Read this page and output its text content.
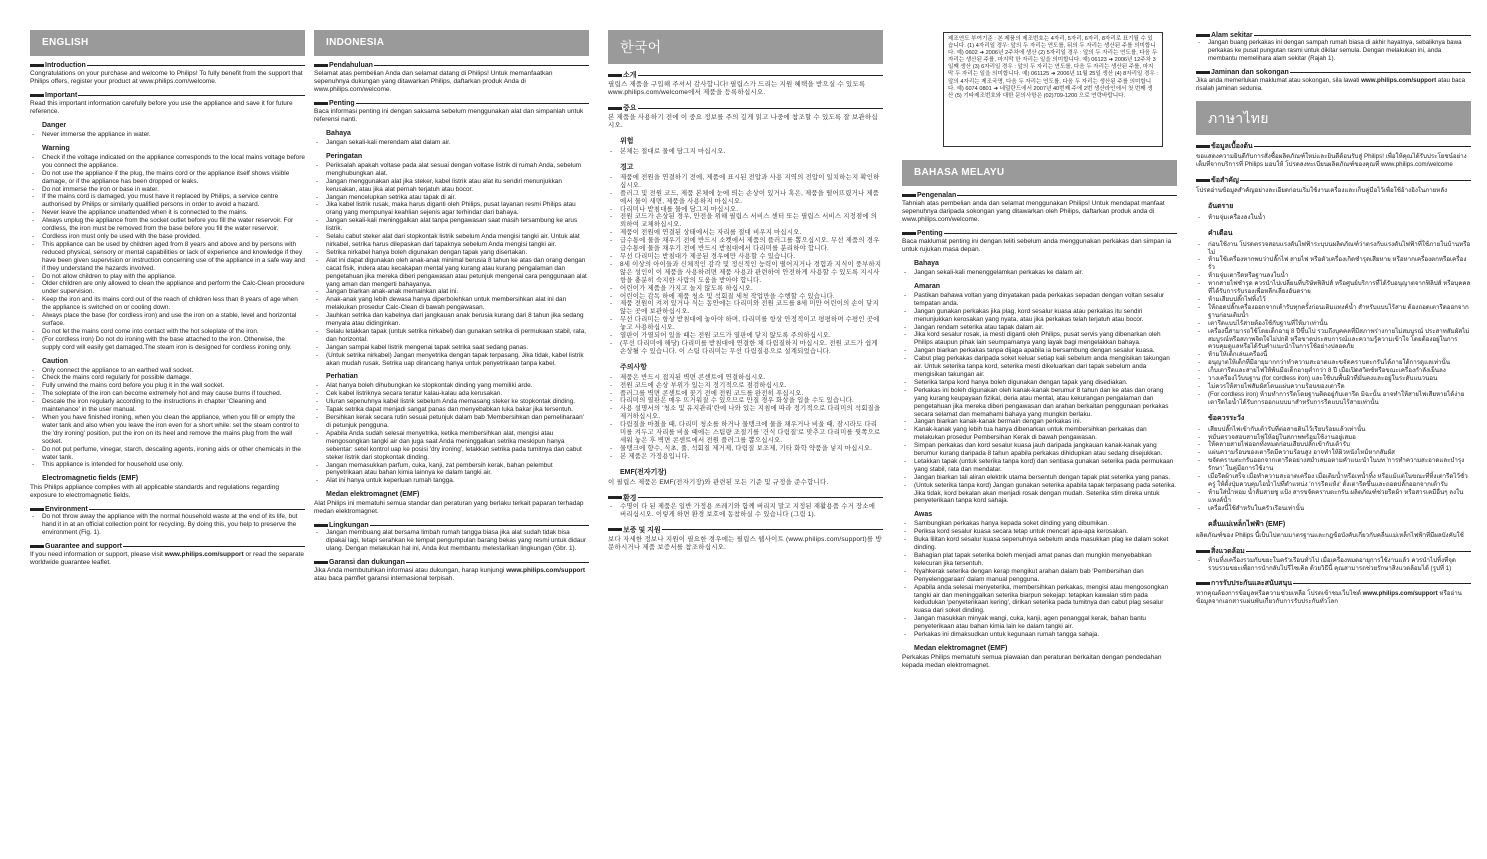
ENGLISH
Introduction

Congratulations on your purchase and welcome to Philips! To fully benefit from the support that Philips offers, register your product at www.philips.com/welcome.

Important

Read this important information carefully before you use the appliance and save it for future reference.

Danger
- Never immerse the appliance in water.
Warning
- Check if the voltage indicated on the appliance corresponds to the local mains voltage before you connect the appliance.
- Do not use the appliance if the plug, the mains cord or the appliance itself shows visible damage, or if the appliance has been dropped or leaks.
- Do not immerse the iron or base in water.
- If the mains cord is damaged, you must have it replaced by Philips, a service centre authorised by Philips or similarly qualified persons in order to avoid a hazard.
- Never leave the appliance unattended when it is connected to the mains.
- Always unplug the appliance from the socket outlet before you fill the water reservoir. For cordless, the iron must be removed from the base before you fill the water reservoir.
- Cordless iron must only be used with the base provided.
- This appliance can be used by children aged from 8 years and above and by persons with reduced physical, sensory or mental capabilities or lack of experience and knowledge if they have been given supervision or instruction concerning use of the appliance in a safe way and if they understand the hazards involved.
- Do not allow children to play with the appliance.
- Older children are only allowed to clean the appliance and perform the Calc-Clean procedure under supervision.
- Keep the iron and its mains cord out of the reach of children less than 8 years of age when the appliance is switched on or cooling down.
- Always place the base (for cordless iron) and use the iron on a stable, level and horizontal surface.
- Do not let the mains cord come into contact with the hot soleplate of the iron.
- (For cordless iron) Do not do ironing with the base attached to the iron. Otherwise, the supply cord will easily get damaged.The steam iron is designed for cordless ironing only.
Caution
- Only connect the appliance to an earthed wall socket.
- Check the mains cord regularly for possible damage.
- Fully unwind the mains cord before you plug it in the wall socket.
- The soleplate of the iron can become extremely hot and may cause burns if touched.
- Descale the iron regularly according to the instructions in chapter 'Cleaning and maintenance' in the user manual.
- When you have finished ironing, when you clean the appliance, when you fill or empty the water tank and also when you leave the iron even for a short while: set the steam control to the 'dry ironing' position, put the iron on its heel and remove the mains plug from the wall socket.
- Do not put perfume, vinegar, starch, descaling agents, ironing aids or other chemicals in the water tank.
- This appliance is intended for household use only.
Electromagnetic fields (EMF)

This Philips appliance complies with all applicable standards and regulations regarding exposure to electromagnetic fields.

Environment
- Do not throw away the appliance with the normal household waste at the end of its life, but hand it in at an official collection point for recycling. By doing this, you help to preserve the environment (Fig. 1).
Guarantee and support

If you need information or support, please visit www.philips.com/support or read the separate worldwide guarantee leaflet.

INDONESIA
Pendahuluan

Selamat atas pembelian Anda dan selamat datang di Philips! Untuk memanfaatkan sepenuhnya dukungan yang ditawarkan Philips, daftarkan produk Anda di www.philips.com/welcome.

Penting

Baca informasi penting ini dengan saksama sebelum menggunakan alat dan simpanlah untuk referensi nanti.

Bahaya
- Jangan sekali-kali merendam alat dalam air.
Peringatan
- Periksalah apakah voltase pada alat sesuai dengan voltase listrik di rumah Anda, sebelum menghubungkan alat.
- Jangan menggunakan alat jika steker, kabel listrik atau alat itu sendiri menunjukkan kerusakan, atau jika alat pernah terjatuh atau bocor.
- Jangan mencelupkan setrika atau tapak di air.
- Jika kabel listrik rusak, maka harus diganti oleh Philips, pusat layanan resmi Philips atau orang yang mempunyai keahlian sejenis agar terhindar dari bahaya.
- Jangan sekali-kali meninggalkan alat tanpa pengawasan saat masih tersambung ke arus listrik.
- Selalu cabut steker alat dari stopkontak listrik sebelum Anda mengisi tangki air. Untuk alat nirkabel, setrika harus dilepaskan dari tapaknya sebelum Anda mengisi tangki air.
- Setrika nirkabel hanya boleh digunakan dengan tapak yang disertakan.
- Alat ini dapat digunakan oleh anak-anak minimal berusia 8 tahun ke atas dan orang dengan cacat fisik, indera atau kecakapan mental yang kurang atau kurang pengalaman dan pengetahuan jika mereka diberi pengawasan atau petunjuk mengenai cara penggunaan alat yang aman dan mengerti bahayanya.
- Jangan biarkan anak-anak memainkan alat ini.
- Anak-anak yang lebih dewasa hanya diperbolehkan untuk membersihkan alat ini dan melakukan prosedur Calc-Clean di bawah pengawasan.
- Jauhkan setrika dan kabelnya dari jangkauan anak berusia kurang dari 8 tahun jika sedang menyala atau didinginkan.
- Selalu letakkan tapak (untuk setrika nirkabel) dan gunakan setrika di permukaan stabil, rata, dan horizontal.
- Jangan sampai kabel listrik mengenai tapak setrika saat sedang panas.
- (Untuk setrika nirkabel) Jangan menyetrika dengan tapak terpasang. Jika tidak, kabel listrik akan mudah rusak. Setrika uap dirancang hanya untuk penyetrikaan tanpa kabel.
Perhatian
- Alat hanya boleh dihubungkan ke stopkontak dinding yang memiliki arde.
- Cek kabel listriknya secara teratur kalau-kalau ada kerusakan.
- Uluran sepenuhnya kabel listrik sebelum Anda memasang steker ke stopkontak dinding.
- Tapak setrika dapat menjadi sangat panas dan menyebabkan luka bakar jika tersentuh.
- Bersihkan kerak secara rutin sesuai petunjuk dalam bab 'Membersihkan dan pemeliharaan' di petunjuk pengguna.
- Apabila Anda sudah selesai menyetrika, ketika membersihkan alat, mengisi atau mengosongkan tangki air dan juga saat Anda meninggalkan setrika meskipun hanya sebentar: setel kontrol uap ke posisi 'dry ironing', letakkan setrika pada tumitnya dan cabut steker listrik dari stopkontak dinding.
- Jangan memasukkan parfum, cuka, kanji, zat pembersih kerak, bahan pelembut penyetrikaan atau bahan kimia lainnya ke dalam tangki air.
- Alat ini hanya untuk keperluan rumah tangga.
Medan elektromagnet (EMF)

Alat Philips ini mematuhi semua standar dan peraturan yang berlaku terkait paparan terhadap medan elektromagnet.

Lingkungan
- Jangan membuang alat bersama limbah rumah tangga biasa jika alat sudah tidak bisa dipakai lagi, tetapi serahkan ke tempat pengumpulan barang bekas yang resmi untuk didaur ulang. Dengan melakukan hal ini, Anda ikut membantu melestarikan lingkungan (Gbr. 1).
Garansi dan dukungan

Jika Anda membutuhkan informasi atau dukungan, harap kunjungi www.philips.com/support atau baca pamflet garansi internasional terpisah.

한국어
소개

필립스 제품을 구입해 주셔서 감사합니다! 필립스가 드리는 지원 혜택을 받으실 수 있도록 www.philips.com/welcome에서 제품을 등록하십시오.

중요

본 제품을 사용하기 전에 이 중요 정보를 주의 깊게 읽고 나중에 참조할 수 있도록 잘 보관하십시오.

위험
- 본체는 절대로 물에 담그지 마십시오.
경고
- 제품에 전원을 연결하기 전에, 제품에 표시된 전압과 사용 지역의 전압이 일치하는지 확인하십시오.
- 플러그 및 전원 코드, 제품 본체에 눈에 띄는 손상이 있거나 혹은, 제품을 떨어뜨렸거나 제품에서 물이 새면, 제품을 사용하지 마십시오.
- 다리미나 받침대를 물에 담그지 마십시오.
- 전원 코드가 손상된 경우, 안전을 위해 필립스 서비스 센터 또는 필립스 서비스 지정점에 의뢰하여 교체하십시오.
- 제품이 전원에 연결된 상태에서는 자리를 절대 비우지 마십시오.
- 급수통에 물을 채우기 전에 반드시 소켓에서 제품의 플러그를 뽑으십시오. 무선 제품의 경우 급수통에 물을 채우기 전에 반드시 받침대에서 다리미를 분리하야 합니다.
- 무선 다리미는 받침대가 제공된 경우에만 사용할 수 있습니다.
- 8세 이상의 아이들과 신체적인 감각 및 정신적인 능력이 떨어지거나 경험과 지식이 풍부하지 않은 성인이 이 제품을 사용하려면 제품 사용과 관련하여 안전하게 사용할 수 있도록 지시사항을 충분히 숙지한 사람의 도움을 받아야 합니다.
- 어린이가 제품을 가지고 놀지 않도록 하십시오.
- 어린이는 감독 하에 제품 청소 및 석회질 세척 작업만을 수행할 수 있습니다.
- 제품 전원이 켜져 있거나 식는 동안에는 다리미와 전원 코드를 8세 미만 어린이의 손이 닿지 않는 곳에 보관하십시오.
- 무선 다리미는 항상 받침대에 놓아야 하며, 다리미를 항상 안정적이고 평평하며 수평인 곳에 놓고 사용하십시오.
- 열판이 가열되어 있을 때는 전원 코드가 열판에 닿지 않도록 주의하십시오.
- (무선 다리미에 해당) 다리미를 받침대에 연결한 채 다림질하지 마십시오. 전원 코드가 쉽게 손상될 수 있습니다. 이 스팀 다리미는 무선 다림질용으로 설계되었습니다.
주의사항
- 제품은 반드시 접지된 벽면 콘센트에 연결하십시오.
- 전원 코드에 손상 부위가 있는지 정기적으로 점검하십시오.
- 플러그를 벽면 콘센트에 꽂기 전에 전원 코드를 완전히 푸십시오.
- 다리미의 열판은 매우 뜨거워질 수 있으므로 만질 경우 화상을 입을 수도 있습니다.
- 사용 설명서의 '청소 및 유지관리'란에 나와 있는 지침에 따라 정기적으로 다리미의 석회질을 제거하십시오.
- 다림질을 마쳤을 때, 다리미 청소를 하거나 물탱크에 물을 채우거나 비울 때, 잠시라도 다리미를 켜두고 자리를 비울 때에는 스팀량 조절기를 '건식 다림질'로 맞추고 다리미를 뒷쪽으로 세워 놓은 후 벽면 콘센트에서 전원 플러그를 뽑으십시오.
- 물탱크에 향수, 식초, 풀, 석회질 제거제, 다림질 보조제, 기타 화학 약품을 넣지 마십시오.
- 본 제품은 가정용입니다.
EMF(전자기장)

이 필립스 제품은 EMF(전자기장)와 관련된 모든 기준 및 규정을 준수합니다.

환경
- 수명이 다 된 제품은 일반 가정용 쓰레기와 함께 버리지 말고 지정된 재활용품 수거 장소에 버리십시오. 이렇게 하면 환경 보호에 동참하실 수 있습니다 (그림 1).
보증 및 지원

보다 자세한 정보나 지원이 필요한 경우에는 필립스 웹사이트 (www.philips.com/support)를 방문하시거나 제품 보증서를 참조하십시오.

제조연도 부여기준 : 본 제품의 제조번호는 4자리, 5자리, 6자리, 8자리로 표기될 수 있습니다. (1) 4자리일 경우: 앞의 두 자리는 연도를, 뒤의 두 자리는 생산된 주를 의미합니다. 예) 0602 ➜ 2006년 2주차에 생산 (2) 5자리일 경우 : 앞의 두 자리는 연도를, 다음 두 자리는 생산된 주를, 마지막 한 자리는 일을 의미합니다. 예) 06123 ➜ 2006년 12주차 3일째 생산 (3) 6자리일 경우 : 앞의 두 자리는 연도를, 다음 두 자리는 생산된 주를, 마지막 두 자리는 일을 의미합니다. 예) 061125 ➜ 2006년 11월 25일 생산 (4) 8자리일 경우 : 앞의 4자리는 제조국명, 다음 두 자리는 연도를, 다음 두 자리는 생산된 주를 의미합니다. 예) 6074 0801 ➜ 네덜란드에서 2007년 40번째 주에 2번 생산라인에서 첫 번째 생산 (5) 기타제조번호와 대한 문의사항은 (02)709-1200 으로 연락바랍니다.
BAHASA MELAYU
Pengenalan

Tahniah atas pembelian anda dan selamat menggunakan Philips! Untuk mendapat manfaat sepenuhnya daripada sokongan yang ditawarkan oleh Philips, daftarkan produk anda di www.philips.com/welcome.

Penting

Baca maklumat penting ini dengan teliti sebelum anda menggunakan perkakas dan simpan ia untuk rujukan masa depan.

Bahaya
- Jangan sekali-kali menenggelamkan perkakas ke dalam air.
Amaran
- Pastikan bahawa voltan yang dinyatakan pada perkakas sepadan dengan voltan sesalur tempatan anda.
- Jangan gunakan perkakas jika plag, kord sesalur kuasa atau perkakas itu sendiri menunjukkan kerosakan yang nyata, atau jika perkakas telah terjatuh atau bocor.
- Jangan rendam seterika atau tapak dalam air.
- Jika kord sesalur rosak, ia mesti diganti oleh Philips, pusat servis yang dibenarkan oleh Philips ataupun pihak lain seumpamanya yang layak bagi mengelakkan bahaya.
- Jangan biarkan perkakas tanpa dijaga apabila ia bersambung dengan sesalur kuasa.
- Cabut plag perkakas daripada soket keluar setiap kali sebelum anda mengisikan takungan air. Untuk seterika tanpa kord, seterika mesti dikeluarkan dari tapak sebelum anda mengisikan takungan air.
- Seterika tanpa kord hanya boleh digunakan dengan tapak yang disediakan.
- Perkakas ini boleh digunakan oleh kanak-kanak berumur 8 tahun dan ke atas dan orang yang kurang keupayaan fizikal, deria atau mental, atau kekurangan pengalaman dan pengetahuan jika mereka diberi pengawasan dan arahan berkaitan penggunaan perkakas secara selamat dan memahami bahaya yang mungkin berlaku.
- Jangan biarkan kanak-kanak bermain dengan perkakas ini.
- Kanak-kanak yang lebih tua hanya dibenarkan untuk membersihkan perkakas dan melakukan prosedur Pembersihan Kerak di bawah pengawasan.
- Simpan perkakas dan kord sesalur kuasa jauh daripada jangkauan kanak-kanak yang berumur kurang daripada 8 tahun apabila perkakas dihidupkan atau sedang disejukkan.
- Letakkan tapak (untuk seterika tanpa kord) dan sentiasa gunakan seterika pada permukaan yang stabil, rata dan mendatar.
- Jangan biarkan tali aliran elektrik utama bersentuh dengan tapak plat seterika yang panas.
- (Untuk seterika tanpa kord) Jangan gunakan seterika apabila tapak terpasang pada seterika. Jika tidak, kord bekalan akan menjadi rosak dengan mudah. Seterika stim direka untuk penyeterikaan tanpa kord sahaja.
Awas
- Sambungkan perkakas hanya kepada soket dinding yang dibumikan.
- Periksa kord sesalur kuasa secara tetap untuk mencari apa-apa kerosakan.
- Buka lilitan kord sesalur kuasa sepenuhnya sebelum anda masukkan plag ke dalam soket dinding.
- Bahagian plat tapak seterika boleh menjadi amat panas dan mungkin menyebabkan kelecuran jika tersentuh.
- Nyahkerak seterika dengan kerap mengikut arahan dalam bab 'Pembersihan dan Penyelenggaraan' dalam manual pengguna.
- Apabila anda selesai menyeterika, membersihkan perkakas, mengisi atau mengosongkan tangki air dan meninggalkan seterika biarpun sekejap: tetapkan kawalan stim pada kedudukan 'penyeterikaan kering', dirikan seterika pada tumitnya dan cabut plag sesalur kuasa dari soket dinding.
- Jangan masukkan minyak wangi, cuka, kanji, agen penanggal kerak, bahan bantu penyeterikaan atau bahan kimia lain ke dalam tangki air.
- Perkakas ini dimaksudkan untuk kegunaan rumah tangga sahaja.
Medan elektromagnet (EMF)

Perkakas Philips mematuhi semua piawaian dan peraturan berkaitan dengan pendedahan kepada medan elektromagnet.

Alam sekitar
- Jangan buang perkakas ini dengan sampah rumah biasa di akhir hayatnya, sebaliknya bawa perkakas ke pusat pungutan rasmi untuk dikitar semula. Dengan melakukan ini, anda membantu memelihara alam sekitar (Rajah 1).
Jaminan dan sokongan

Jika anda memerlukan maklumat atau sokongan, sila lawati www.philips.com/support atau baca risalah jaminan sedunia.

ภาษาไทย
ข้อมูลเบื้องต้น

ขอแสดงความยินดีกับการสั่งซื้อผลิตภัณฑ์ใหม่และยินดีต้อนรับสู่ Philips! เพื่อให้คุณได้รับประโยชน์อย่างเต็มที่จากบริการที่ Philips มอบให้ โปรดลงทะเบียนผลิตภัณฑ์ของคุณที่ www.philips.com/welcome

ข้อสำคัญ

โปรดอ่านข้อมูลสำคัญอย่างละเอียดก่อนเริ่มใช้งานเครื่องและเก็บคู่มือไว้เพื่อใช้อ้างอิงในภายหลัง

อันตราย
- ห้ามจุ่มเครื่องลงในน้ำ
คำเตือน
- ก่อนใช้งาน โปรดตรวจสอบแรงดันไฟฟ้าระบุบนผลิตภัณฑ์ว่าตรงกับแรงดันไฟฟ้าที่ใช้ภายในบ้านหรือไม่
- ห้ามใช้เครื่องหากพบว่าปลั๊กไฟ สายไฟ หรือตัวเครื่องเกิดชำรุดเสียหาย หรือหากเครื่องตกหรือเครื่องรั่ว
- ห้ามจุ่มเตารีดหรือฐานลงในน้ำ
- หากสายไฟชำรุด ควรนำไปเปลี่ยนที่บริษัทฟิลิปส์ หรือศูนย์บริการที่ได้รับอนุญาตจากฟิลิปส์ หรือบุคคลที่ได้รับการรับรองเพื่อหลีกเลี่ยงอันตราย
- ห้ามเสียบปลั๊กไฟทิ้งไว้
- ให้ถอดปลั๊กเครื่องออกจากเต้ารับทุกครั้งก่อนเติมแทงค์น้ำ สำหรับแบบไร้สาย ต้องถอดเตารีดออกจากฐานก่อนเติมน้ำ
- เตารีดแบบไร้สายต้องใช้กับฐานที่ให้มาเท่านั้น
- เครื่องนี้สามารถใช้โดยเด็กอายุ 8 ปีขึ้นไป รวมถึงบุคคลที่มีสภาพร่างกายไม่สมบูรณ์ ประสาทสัมผัสไม่สมบูรณ์หรือสภาพจิตใจไม่ปกติ หรือขาดประสบการณ์และความรู้ความเข้าใจ โดยต้องอยู่ในการควบคุมดูแลหรือได้รับคำแนะนำในการใช้อย่างปลอดภัย
- ห้ามให้เด็กเล่นเครื่องนี้
- อนุญาตให้เด็กที่มีอายุมากกว่าทำความสะอาดและขจัดคราบตะกรันได้ภายใต้การดูแลเท่านั้น
- เก็บเตารีดและสายไฟให้พ้นมือเด็กอายุต่ำกว่า 8 ปี เมื่อเปิดสวิตช์หรือขณะเครื่องกำลังเย็นลง
- วางเครื่องไว้บนฐาน (for cordless iron) และใช้บนพื้นผิวที่มั่นคงและอยู่ในระดับแนวนอน
- ไม่ควรให้สายไฟสัมผัสโดนแผ่นความร้อนของเตารีด
- (For cordless iron) ห้ามทำการรีดโดยฐานติดอยู่กับเตารีด มิฉะนั้น อาจทำให้สายไฟเสียหายได้ง่าย เตารีดไอน้ำได้รับการออกแบบมาสำหรับการรีดแบบไร้สายเท่านั้น
ข้อควรระวัง
- เสียบปลั๊กไฟเข้ากับเต้ารับที่ต่อสายดินไว้เรียบร้อยแล้วเท่านั้น
- หมั่นตรวจสอบสายไฟให้อยู่ในสภาพพร้อมใช้งานอยู่เสมอ
- ให้คลายสายไฟออกทั้งหมดก่อนเสียบปลั๊กเข้ากับเต้ารับ
- แผ่นความร้อนของเตารีดมีความร้อนสูง อาจทำให้ผิวหนังไหม้หากสัมผัส
- ขจัดคราบตะกรันออกจากเตารีดอย่างสม่ำเสมอตามคำแนะนำในบท 'การทำความสะอาดและบำรุงรักษา' ในคู่มือการใช้งาน
- เมื่อรีดผ้าเสร็จ เมื่อทำความสะอาดเครื่อง เมื่อเติมน้ำหรือเทน้ำทิ้ง หรือแม้แต่ในขณะที่ทิ้งเตารีดไว้ชั่วครู่ ให้ตั้งปุ่มควบคุมไอน้ำไปที่ตำแหน่ง 'การรีดแห้ง' ตั้งเตารีดขึ้นและถอดปลั๊กออกจากเต้ารับ
- ห้ามใส่น้ำหอม น้ำส้มสายชู แป้ง สารขจัดคราบตะกรัน ผลิตภัณฑ์ช่วยรีดผ้า หรือสารเคมีอื่นๆ ลงในแทงค์น้ำ
- เครื่องนี้ใช้สำหรับในครัวเรือนเท่านั้น
คลื่นแม่เหล็กไฟฟ้า (EMF)

ผลิตภัณฑ์ของ Philips นี้เป็นไปตามมาตรฐานและกฎข้อบังคับเกี่ยวกับคลื่นแม่เหล็กไฟฟ้าที่มีผลบังคับใช้

สิ่งแวดล้อม
- ห้ามทิ้งเครื่องรวมกับขยะในครัวเรือนทั่วไป เมื่อเครื่องหมดอายุการใช้งานแล้ว ควรนำไปทิ้งที่จุดรวบรวมขยะเพื่อการนำกลับไปรีไซเคิล ด้วยวิธีนี้ คุณสามารถช่วยรักษาสิ่งแวดล้อมได้ (รูปที่ 1)
การรับประกันและสนับสนุน

หากคุณต้องการข้อมูลหรือความช่วยเหลือ โปรดเข้าชมเว็บไซต์ www.philips.com/support หรืออ่านข้อมูลจากเอกสารแผ่นพับเกี่ยวกับการรับประกันทั่วโลก
